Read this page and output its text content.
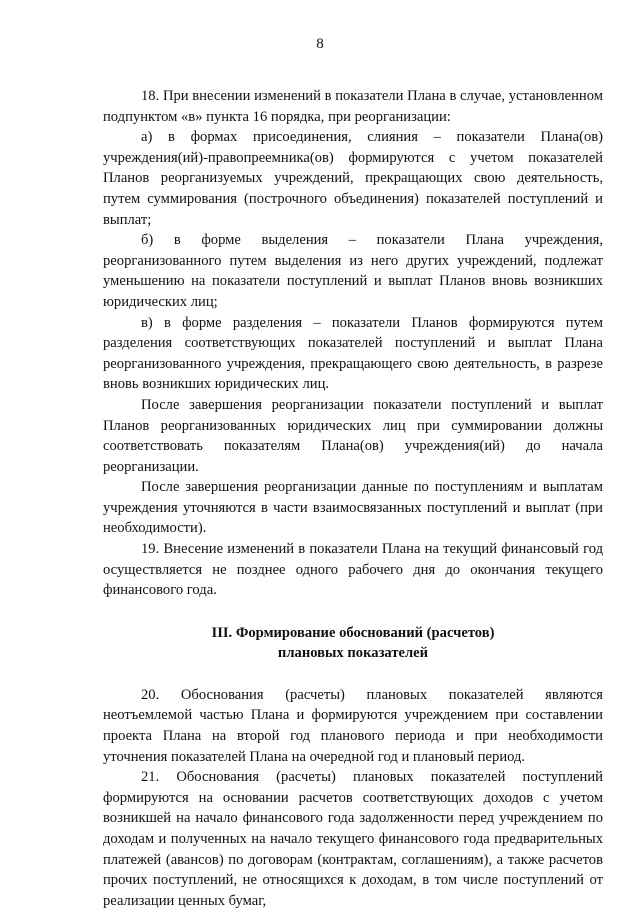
8

18. При внесении изменений в показатели Плана в случае, установленном подпунктом «в» пункта 16 порядка, при реорганизации:

а) в формах присоединения, слияния – показатели Плана(ов) учреждения(ий)-правопреемника(ов) формируются с учетом показателей Планов реорганизуемых учреждений, прекращающих свою деятельность, путем суммирования (построчного объединения) показателей поступлений и выплат;

б) в форме выделения – показатели Плана учреждения, реорганизованного путем выделения из него других учреждений, подлежат уменьшению на показатели поступлений и выплат Планов вновь возникших юридических лиц;

в) в форме разделения – показатели Планов формируются путем разделения соответствующих показателей поступлений и выплат Плана реорганизованного учреждения, прекращающего свою деятельность, в разрезе вновь возникших юридических лиц.

После завершения реорганизации показатели поступлений и выплат Планов реорганизованных юридических лиц при суммировании должны соответствовать показателям Плана(ов) учреждения(ий) до начала реорганизации.

После завершения реорганизации данные по поступлениям и выплатам учреждения уточняются в части взаимосвязанных поступлений и выплат (при необходимости).

19. Внесение изменений в показатели Плана на текущий финансовый год осуществляется не позднее одного рабочего дня до окончания текущего финансового года.

III. Формирование обоснований (расчетов)
плановых показателей

20. Обоснования (расчеты) плановых показателей являются неотъемлемой частью Плана и формируются учреждением при составлении проекта Плана на второй год планового периода и при необходимости уточнения показателей Плана на очередной год и плановый период.

21. Обоснования (расчеты) плановых показателей поступлений формируются на основании расчетов соответствующих доходов с учетом возникшей на начало финансового года задолженности перед учреждением по доходам и полученных на начало текущего финансового года предварительных платежей (авансов) по договорам (контрактам, соглашениям), а также расчетов прочих поступлений, не относящихся к доходам, в том числе поступлений от реализации ценных бумаг,
